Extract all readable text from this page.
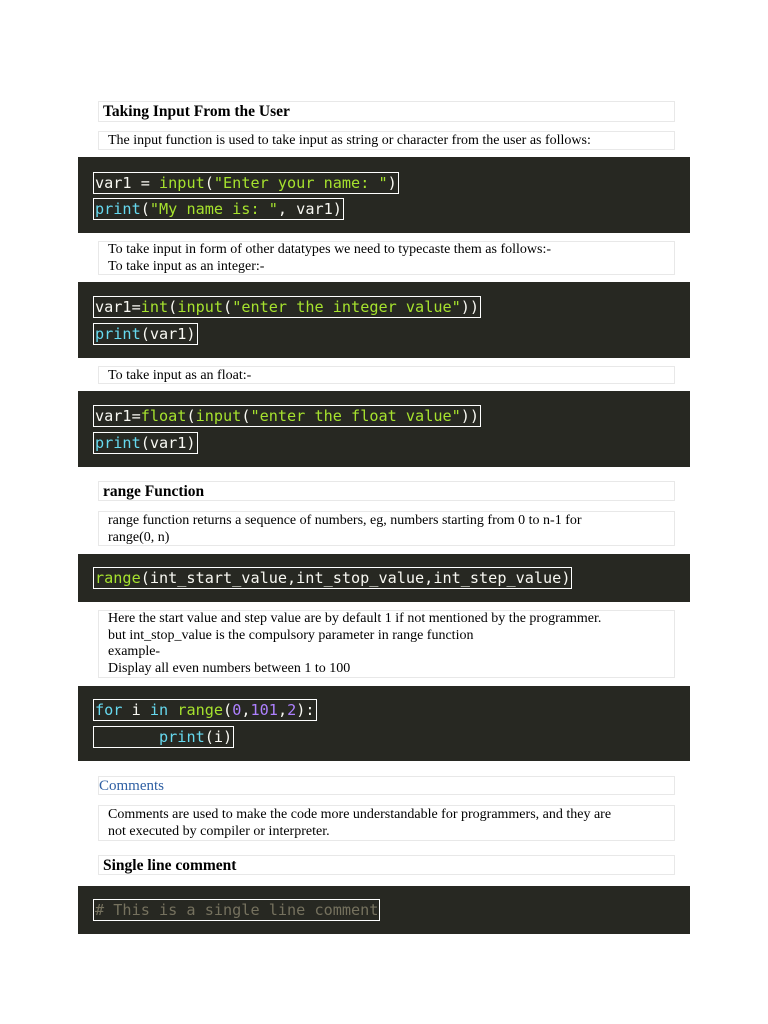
Taking Input From the User
The input function is used to take input as string or character from the user as follows:
var1 = input("Enter your name: ")
print("My name is: ", var1)
To take input in form of other datatypes we need to typecaste them as follows:-
To take input as an integer:-
var1=int(input("enter the integer value"))
print(var1)
To take input as an float:-
var1=float(input("enter the float value"))
print(var1)
range Function
range function returns a sequence of numbers, eg, numbers starting from 0 to n-1 for
range(0, n)
range(int_start_value,int_stop_value,int_step_value)
Here the start value and step value are by default 1 if not mentioned by the programmer.
but int_stop_value is the compulsory parameter in range function
example-
Display all even numbers between 1 to 100
for i in range(0,101,2):
print(i)
Comments
Comments are used to make the code more understandable for programmers, and they are
not executed by compiler or interpreter.
Single line comment
# This is a single line comment
